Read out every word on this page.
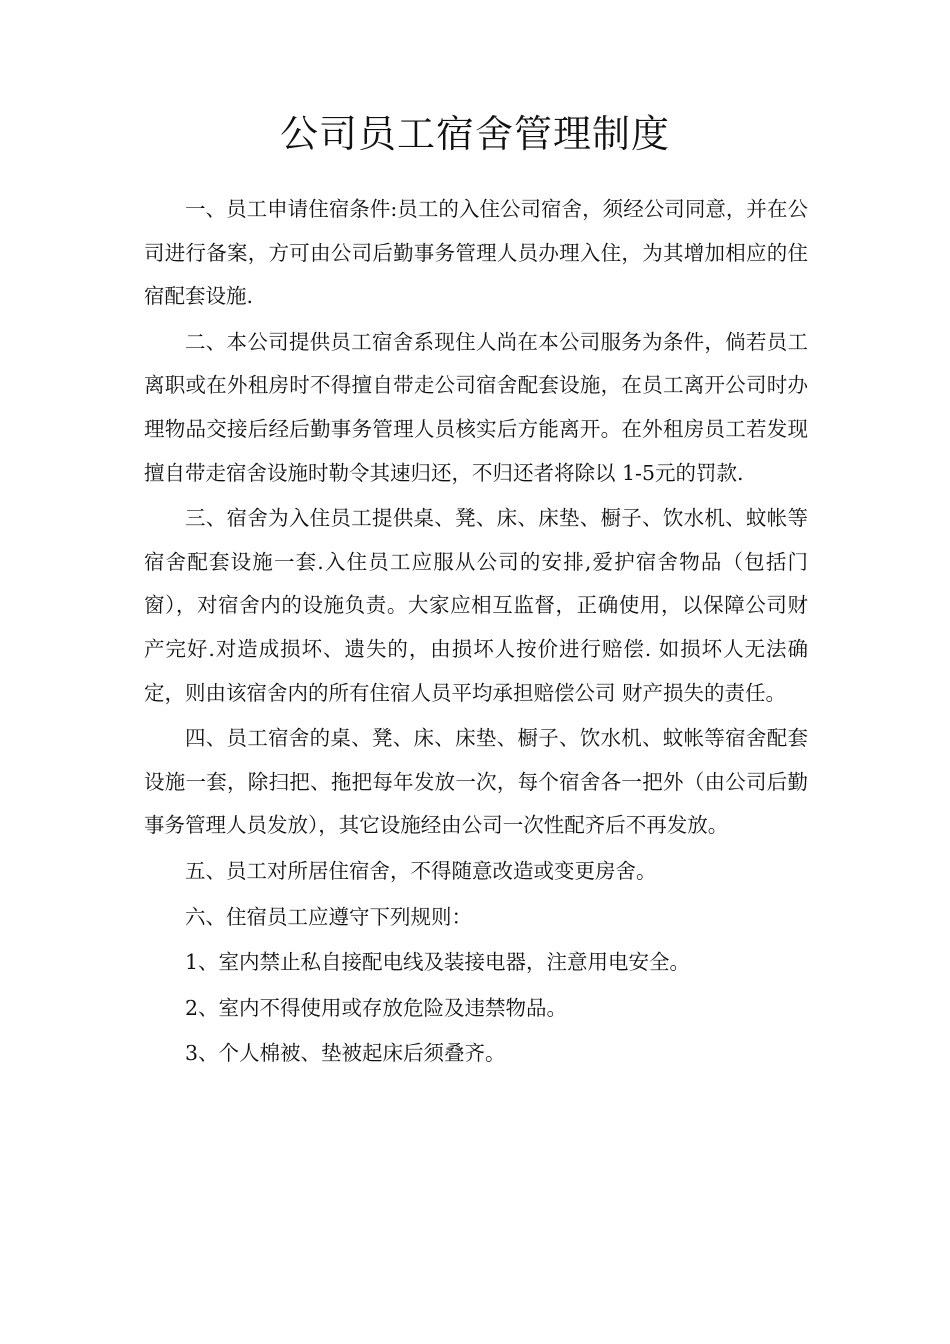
公司员工宿舍管理制度

一、员工申请住宿条件:员工的入住公司宿舍，须经公司同意，并在公司进行备案，方可由公司后勤事务管理人员办理入住，为其增加相应的住宿配套设施.

二、本公司提供员工宿舍系现住人尚在本公司服务为条件，倘若员工离职或在外租房时不得擅自带走公司宿舍配套设施，在员工离开公司时办理物品交接后经后勤事务管理人员核实后方能离开。在外租房员工若发现擅自带走宿舍设施时勒令其速归还，不归还者将除以 1-5元的罚款.

三、宿舍为入住员工提供桌、凳、床、床垫、橱子、饮水机、蚊帐等宿舍配套设施一套.入住员工应服从公司的安排,爱护宿舍物品（包括门窗），对宿舍内的设施负责。大家应相互监督，正确使用，以保障公司财产完好.对造成损坏、遗失的，由损坏人按价进行赔偿. 如损坏人无法确定，则由该宿舍内的所有住宿人员平均承担赔偿公司 财产损失的责任。

四、员工宿舍的桌、凳、床、床垫、橱子、饮水机、蚊帐等宿舍配套设施一套，除扫把、拖把每年发放一次，每个宿舍各一把外（由公司后勤事务管理人员发放），其它设施经由公司一次性配齐后不再发放。

五、员工对所居住宿舍，不得随意改造或变更房舍。

六、住宿员工应遵守下列规则：

1、室内禁止私自接配电线及装接电器，注意用电安全。

2、室内不得使用或存放危险及违禁物品。

3、个人棉被、垫被起床后须叠齐。
